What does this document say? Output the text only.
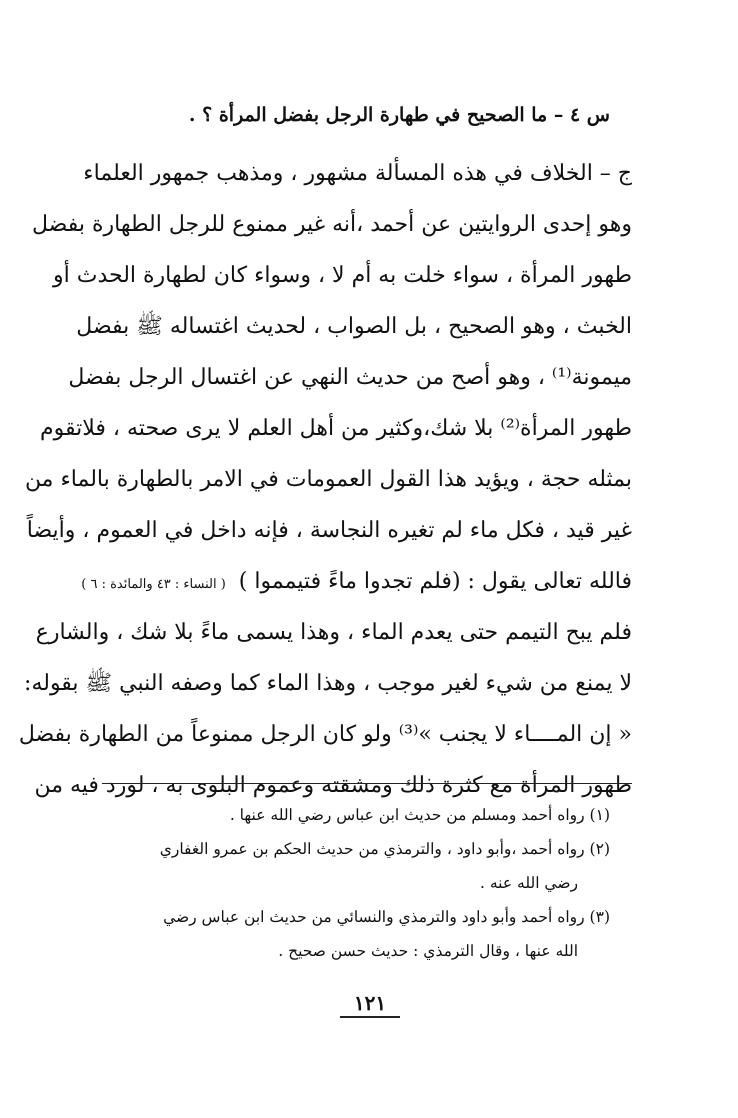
س ٤ – ما الصحيح في طهارة الرجل بفضل المرأة ؟ .
ج – الخلاف في هذه المسألة مشهور ، ومذهب جمهور العلماء
وهو إحدى الروايتين عن أحمد ،أنه غير ممنوع للرجل الطهارة بفضل
طهور المرأة ، سواء خلت به أم لا ، وسواء كان لطهارة الحدث أو
الخبث ، وهو الصحيح ، بل الصواب ، لحديث اغتساله ﷺ بفضل
ميمونة⁽¹⁾ ، وهو أصح من حديث النهي عن اغتسال الرجل بفضل
طهور المرأة⁽²⁾ بلا شك،وكثير من أهل العلم لا يرى صحته ، فلاتقوم
بمثله حجة ، ويؤيد هذا القول العمومات في الامر بالطهارة بالماء من
غير قيد ، فكل ماء لم تغيره النجاسة ، فإنه داخل في العموم ، وأيضاً
فالله تعالى يقول : (فلم تجدوا ماءً فتيمموا ) ( النساء : ٤٣ والمائدة : ٦ )
فلم يبح التيمم حتى يعدم الماء ، وهذا يسمى ماءً بلا شك ، والشارع
لا يمنع من شيء لغير موجب ، وهذا الماء كما وصفه النبي ﷺ بقوله:
« إن المــــاء لا يجنب »⁽³⁾ ولو كان الرجل ممنوعاً من الطهارة بفضل
طهور المرأة مع كثرة ذلك ومشقته وعموم البلوى به ، لورد فيه من
(١) رواه أحمد ومسلم من حديث ابن عباس رضي الله عنها .
(٢) رواه أحمد ،وأبو داود ، والترمذي من حديث الحكم بن عمرو الغفاري
رضي الله عنه .
(٣) رواه أحمد وأبو داود والترمذي والنسائي من حديث ابن عباس رضي
الله عنها ، وقال الترمذي : حديث حسن صحيح .
١٢١
